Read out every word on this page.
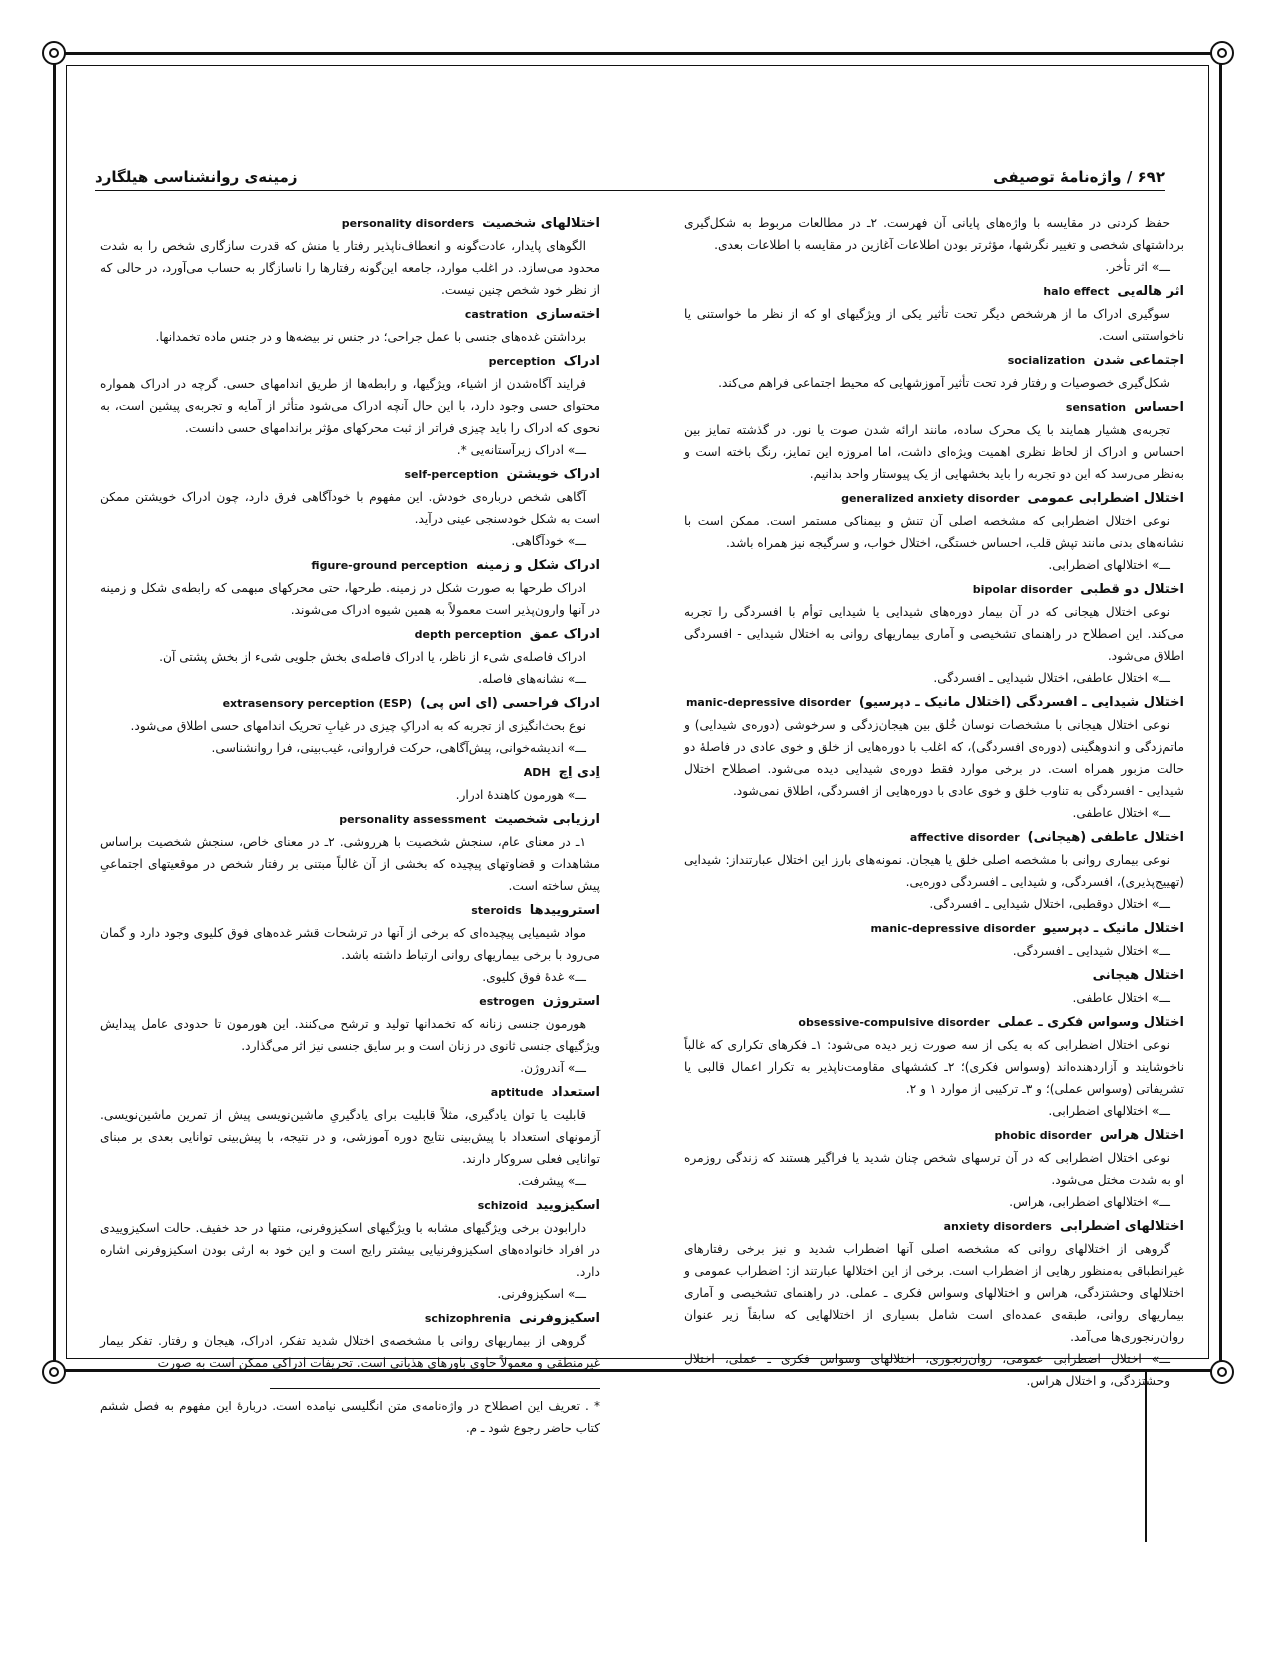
۶۹۲ / واژه‌نامهٔ توصیفی
زمینه‌ی روانشناسی هیلگارد

حفظ کردنی در مقایسه با واژه‌های پایانی آن فهرست. ۲ـ در مطالعات مربوط به شکل‌گیری برداشتهای شخصی و تغییر نگرشها، مؤثرتر بودن اطلاعات آغازین در مقایسه با اطلاعات بعدی.

ـــ» اثر تأخر.

اثر هاله‌ییhalo effect

سوگیری ادراک ما از هرشخص دیگر تحت تأثیر یکی از ویژگیهای او که از نظر ما خواستنی یا ناخواستنی است.

اجتماعی شدنsocialization

شکل‌گیری خصوصیات و رفتار فرد تحت تأثیر آموزشهایی که محیط اجتماعی فراهم می‌کند.

احساسsensation

تجربه‌ی هشیار همایند با یک محرک ساده، مانند ارائه شدن صوت یا نور. در گذشته تمایز بین احساس و ادراک از لحاظ نظری اهمیت ویژه‌ای داشت، اما امروزه این تمایز، رنگ باخته است و به‌نظر می‌رسد که این دو تجربه را باید بخشهایی از یک پیوستار واحد بدانیم.

اختلال اضطرابی عمومیgeneralized anxiety disorder

نوعی اختلال اضطرابی که مشخصه اصلی آن تنش و بیمناکی مستمر است. ممکن است با نشانه‌های بدنی مانند تپش قلب، احساس خستگی، اختلال خواب، و سرگیجه نیز همراه باشد.

ـــ» اختلالهای اضطرابی.

اختلال دو قطبیbipolar disorder

نوعی اختلال هیجانی که در آن بیمار دوره‌های شیدایی یا شیدایی توأم با افسردگی را تجربه می‌کند. این اصطلاح در راهنمای تشخیصی و آماری بیماریهای روانی به اختلال شیدایی - افسردگی اطلاق می‌شود.

ـــ» اختلال عاطفی، اختلال شیدایی ـ افسردگی.

اختلال شیدایی ـ افسردگی (اختلال مانیک ـ دپرسیو)manic-depressive disorder

نوعی اختلال هیجانی با مشخصات نوسان خُلق بین هیجان‌زدگی و سرخوشی (دوره‌ی شیدایی) و ماتم‌زدگی و اندوهگینی (دوره‌ی افسردگی)، که اغلب با دوره‌هایی از خلق و خوی عادی در فاصلهٔ دو حالت مزبور همراه است. در برخی موارد فقط دوره‌ی شیدایی دیده می‌شود. اصطلاح اختلال شیدایی - افسردگی به تناوب خلق و خوی عادی با دوره‌هایی از افسردگی، اطلاق نمی‌شود.

ـــ» اختلال عاطفی.

اختلال عاطفی (هیجانی)affective disorder

نوعی بیماری روانی با مشخصه اصلی خلق یا هیجان. نمونه‌های بارز این اختلال عبارتنداز: شیدایی (تهییج‌پذیری)، افسردگی، و شیدایی ـ افسردگی دوره‌یی.

ـــ» اختلال دوقطبی، اختلال شیدایی ـ افسردگی.

اختلال مانیک ـ دپرسیوmanic-depressive disorder

ـــ» اختلال شیدایی ـ افسردگی.

اختلال هیجانی

ـــ» اختلال عاطفی.

اختلال وسواس فکری ـ عملیobsessive-compulsive disorder

نوعی اختلال اضطرابی که به یکی از سه صورت زیر دیده می‌شود: ۱ـ فکرهای تکراری که غالباً ناخوشایند و آزاردهنده‌اند (وسواس فکری)؛ ۲ـ کششهای مقاومت‌ناپذیر به تکرار اعمال قالبی یا تشریفاتی (وسواس عملی)؛ و ۳ـ ترکیبی از موارد ۱ و ۲.

ـــ» اختلالهای اضطرابی.

اختلال هراسphobic disorder

نوعی اختلال اضطرابی که در آن ترسهای شخص چنان شدید یا فراگیر هستند که زندگی روزمره او به شدت مختل می‌شود.

ـــ» اختلالهای اضطرابی، هراس.

اختلالهای اضطرابیanxiety disorders

گروهی از اختلالهای روانی که مشخصه اصلی آنها اضطراب شدید و نیز برخی رفتارهای غیرانطباقی به‌منظور رهایی از اضطراب است. برخی از این اختلالها عبارتند از: اضطراب عمومی و اختلالهای وحشتزدگی، هراس و اختلالهای وسواس فکری ـ عملی. در راهنمای تشخیصی و آماری بیماریهای روانی، طبقه‌ی عمده‌ای است شامل بسیاری از اختلالهایی که سابقاً زیر عنوان روان‌رنجوری‌ها می‌آمد.

ـــ» اختلال اضطرابی عمومی، روان‌رنجوری، اختلالهای وسواس فکری ـ عملی، اختلال وحشتزدگی، و اختلال هراس.

اختلالهای شخصیتpersonality disorders

الگوهای پایدار، عادت‌گونه و انعطاف‌ناپذیر رفتار یا منش که قدرت سازگاری شخص را به شدت محدود می‌سازد. در اغلب موارد، جامعه این‌گونه رفتارها را ناسازگار به حساب می‌آورد، در حالی که از نظر خود شخص چنین نیست.

اخته‌سازیcastration

برداشتن غده‌های جنسی با عمل جراحی؛ در جنس نر بیضه‌ها و در جنس ماده تخمدانها.

ادراکperception

فرایند آگاه‌شدن از اشیاء، ویژگیها، و رابطه‌ها از طریق اندامهای حسی. گرچه در ادراک همواره محتوای حسی وجود دارد، با این حال آنچه ادراک می‌شود متأثر از آمایه و تجربه‌ی پیشین است، به نحوی که ادراک را باید چیزی فراتر از ثبت محرکهای مؤثر براندامهای حسی دانست.

ـــ» ادراک زیرآستانه‌یی *.

ادراک خویشتنself-perception

آگاهی شخص درباره‌ی خودش. این مفهوم با خودآگاهی فرق دارد، چون ادراک خویشتن ممکن است به شکل خودسنجی عینی درآید.

ـــ» خودآگاهی.

ادراک شکل و زمینهfigure-ground perception

ادراک طرحها به صورت شکل در زمینه. طرحها، حتی محرکهای مبهمی که رابطه‌ی شکل و زمینه در آنها وارون‌پذیر است معمولاً به همین شیوه ادراک می‌شوند.

ادراک عمقdepth perception

ادراک فاصله‌ی شیء از ناظر، یا ادراک فاصله‌ی بخش جلویی شیء از بخش پشتی آن.

ـــ» نشانه‌های فاصله.

ادراک فراحسی (ای اس پی)extrasensory perception (ESP)

نوع بحث‌انگیزی از تجربه که به ادراکِ چیزی در غیابِ تحریک اندامهای حسی اطلاق می‌شود.

ـــ» اندیشه‌خوانی، پیش‌آگاهی، حرکت فراروانی، غیب‌بینی، فرا روانشناسی.

اِدی اِچADH

ـــ» هورمون کاهندهٔ ادرار.

ارزیابی شخصیتpersonality assessment

۱ـ در معنای عام، سنجش شخصیت با هرروشی. ۲ـ در معنای خاص، سنجش شخصیت براساس مشاهدات و قضاوتهای پیچیده که بخشی از آن غالباً مبتنی بر رفتار شخص در موقعیتهای اجتماعیِ پیش ساخته است.

استروییدهاsteroids

مواد شیمیایی پیچیده‌ای که برخی از آنها در ترشحات قشر غده‌های فوق کلیوی وجود دارد و گمان می‌رود با برخی بیماریهای روانی ارتباط داشته باشد.

ـــ» غدهٔ فوق کلیوی.

استروژنestrogen

هورمون جنسی زنانه که تخمدانها تولید و ترشح می‌کنند. این هورمون تا حدودی عامل پیدایش ویژگیهای جنسی ثانوی در زنان است و بر سایق جنسی نیز اثر می‌گذارد.

ـــ» آندروژن.

استعدادaptitude

قابلیت یا توان یادگیری، مثلاً قابلیت برای یادگیریِ ماشین‌نویسی پیش از تمرین ماشین‌نویسی. آزمونهای استعداد با پیش‌بینی نتایج دوره آموزشی، و در نتیجه، با پیش‌بینی توانایی بعدی بر مبنای توانایی فعلی سروکار دارند.

ـــ» پیشرفت.

اسکیزوییدschizoid

دارابودن برخی ویژگیهای مشابه با ویژگیهای اسکیزوفرنی، منتها در حد خفیف. حالت اسکیزوییدی در افراد خانواده‌های اسکیزوفرنیایی بیشتر رایج است و این خود به ارثی بودن اسکیزوفرنی اشاره دارد.

ـــ» اسکیزوفرنی.

اسکیزوفرنیschizophrenia

گروهی از بیماریهای روانی با مشخصه‌ی اختلال شدید تفکر، ادراک، هیجان و رفتار. تفکر بیمار غیرمنطقی و معمولاً حاوی باورهای هذیانی است. تحریفات ادراکی ممکن است به صورت

* . تعریف این اصطلاح در واژه‌نامه‌ی متن انگلیسی نیامده است. دربارهٔ این مفهوم به فصل ششم کتاب حاضر رجوع شود ـ م.
